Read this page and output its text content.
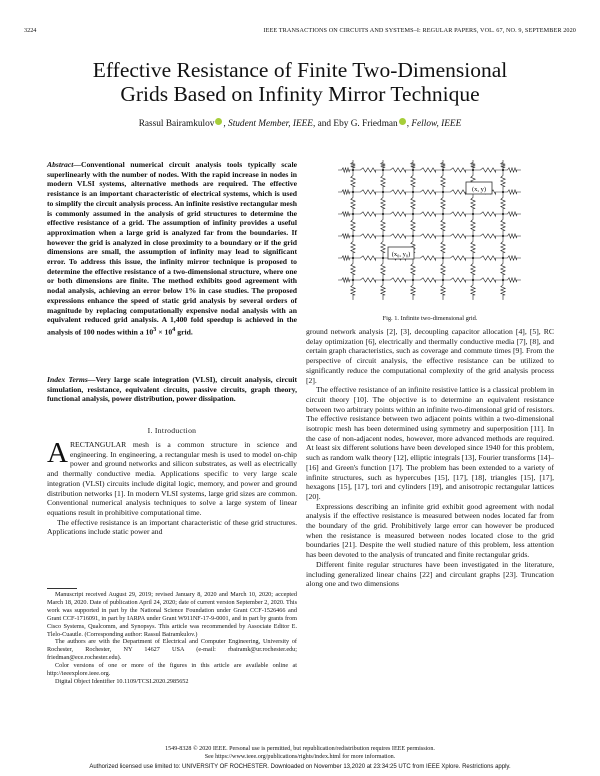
3224	IEEE TRANSACTIONS ON CIRCUITS AND SYSTEMS–I: REGULAR PAPERS, VOL. 67, NO. 9, SEPTEMBER 2020
Effective Resistance of Finite Two-Dimensional
Grids Based on Infinity Mirror Technique
Rassul Bairamkulov , Student Member, IEEE, and Eby G. Friedman , Fellow, IEEE
Abstract—Conventional numerical circuit analysis tools typically scale superlinearly with the number of nodes. With the rapid increase in nodes in modern VLSI systems, alternative methods are required. The effective resistance is an important characteristic of electrical systems, which is used to simplify the circuit analysis process. An infinite resistive rectangular mesh is commonly assumed in the analysis of grid structures to determine the effective resistance of a grid. The assumption of infinity provides a useful approximation when a large grid is analyzed far from the boundaries. If however the grid is analyzed in close proximity to a boundary or if the grid dimensions are small, the assumption of infinity may lead to significant error. To address this issue, the infinity mirror technique is proposed to determine the effective resistance of a two-dimensional structure, where one or both dimensions are finite. The method exhibits good agreement with nodal analysis, achieving an error below 1% in case studies. The proposed expressions enhance the speed of static grid analysis by several orders of magnitude by replacing computationally expensive nodal analysis with an equivalent reduced grid analysis. A 1,400 fold speedup is achieved in the analysis of 100 nodes within a $10^3 \times 10^4$ grid.
Index Terms—Very large scale integration (VLSI), circuit analysis, circuit simulation, resistance, equivalent circuits, passive circuits, graph theory, functional analysis, power distribution, power dissipation.
I. Introduction

ARECTANGULAR mesh is a common structure in science and engineering. In engineering, a rectangular mesh is used to model on-chip power and ground networks and silicon substrates, as well as electrically and thermally conductive media. Applications specific to very large scale integration (VLSI) circuits include digital logic, memory, and power and ground distribution networks [1]. In modern VLSI systems, large grid sizes are common. Conventional numerical analysis techniques to solve a large system of linear equations result in prohibitive computational time.

The effective resistance is an important characteristic of these grid structures. Applications include static power and

Manuscript received August 29, 2019; revised January 8, 2020 and March 10, 2020; accepted March 18, 2020. Date of publication April 24, 2020; date of current version September 2, 2020. This work was supported in part by the National Science Foundation under Grant CCF-1526466 and Grant CCF-1716091, in part by IARPA under Grant W911NF-17-9-0001, and in part by grants from Cisco Systems, Qualcomm, and Synopsys. This article was recommended by Associate Editor E. Tlelo-Cuautle. (Corresponding author: Rassul Bairamkulov.)

The authors are with the Department of Electrical and Computer Engineering, University of Rochester, Rochester, NY 14627 USA (e-mail: rbairamk@ur.rochester.edu; friedman@ece.rochester.edu).

Color versions of one or more of the figures in this article are available online at http://ieeexplore.ieee.org.

Digital Object Identifier 10.1109/TCSI.2020.2985652

(x, y)
(x₀, y₀)
Fig. 1. Infinite two-dimensional grid.

ground network analysis [2], [3], decoupling capacitor allocation [4], [5], RC delay optimization [6], electrically and thermally conductive media [7], [8], and certain graph characteristics, such as coverage and commute times [9]. From the perspective of circuit analysis, the effective resistance can be utilized to significantly reduce the computational complexity of the grid analysis process [2].

The effective resistance of an infinite resistive lattice is a classical problem in circuit theory [10]. The objective is to determine an equivalent resistance between two arbitrary points within an infinite two-dimensional grid of resistors. The effective resistance between two adjacent points within a two-dimensional isotropic mesh has been determined using symmetry and superposition [11]. In the case of non-adjacent nodes, however, more advanced methods are required. At least six different solutions have been developed since 1940 for this problem, such as random walk theory [12], elliptic integrals [13], Fourier transforms [14]–[16] and Green's function [17]. The problem has been extended to a variety of infinite structures, such as hypercubes [15], [17], [18], triangles [15], [17], hexagons [15], [17], tori and cylinders [19], and anisotropic rectangular lattices [20].

Expressions describing an infinite grid exhibit good agreement with nodal analysis if the effective resistance is measured between nodes located far from the boundary of the grid. Prohibitively large error can however be produced when the resistance is measured between nodes located close to the grid boundaries [21]. Despite the well studied nature of this problem, less attention has been devoted to the analysis of truncated and finite rectangular grids.

Different finite regular structures have been investigated in the literature, including generalized linear chains [22] and circulant graphs [23]. Truncation along one and two dimensions

1549-8328 © 2020 IEEE. Personal use is permitted, but republication/redistribution requires IEEE permission.
See https://www.ieee.org/publications/rights/index.html for more information.
Authorized licensed use limited to: UNIVERSITY OF ROCHESTER. Downloaded on November 13,2020 at 23:34:25 UTC from IEEE Xplore. Restrictions apply.
